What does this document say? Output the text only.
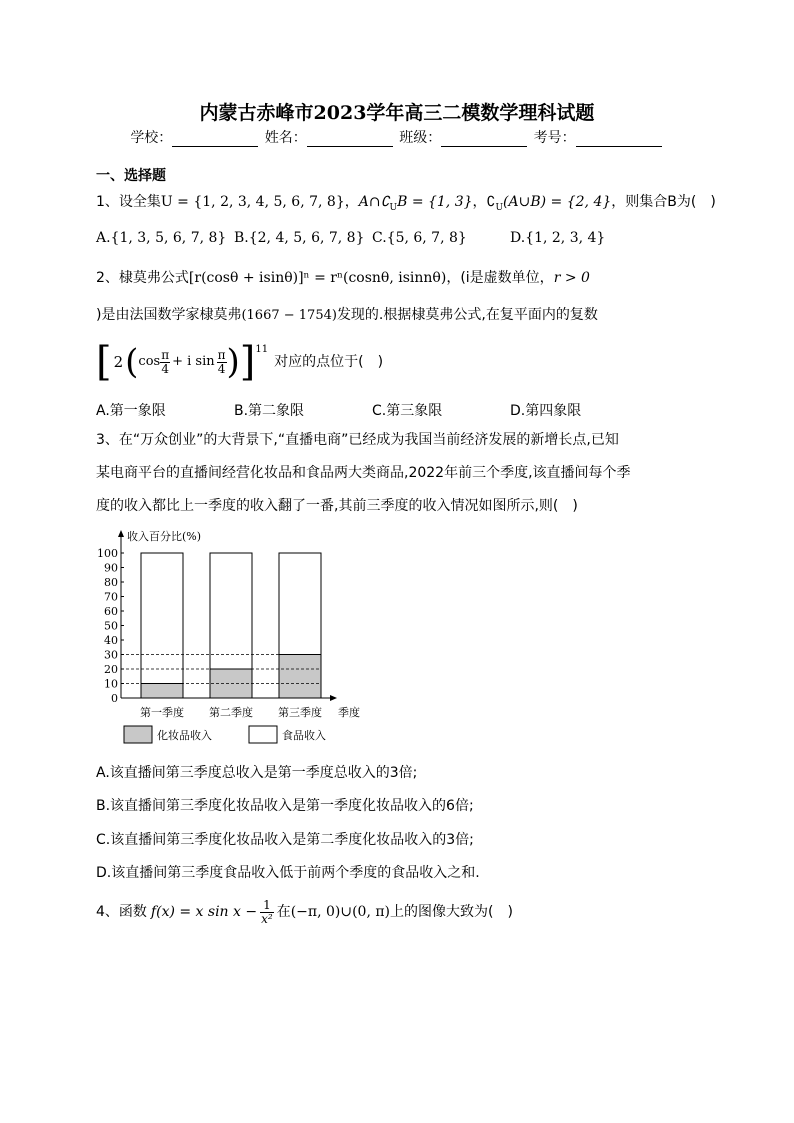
内蒙古赤峰市2023学年高三二模数学理科试题
学校：	姓名：	班级：	考号：
一、选择题
1、设全集U = {1, 2, 3, 4, 5, 6, 7, 8}，$A\cap∁_UB = \{1$, 3}，$∁_U(A\cup B) = \{2$, 4}，则集合B为(　)
A.{1, 3, 5, 6, 7, 8} B.{2, 4, 5, 6, 7, 8} C.{5, 6, 7, 8}	D.{1, 2, 3, 4}
2、棣莫弗公式[r(cosθ + isinθ)]ⁿ = rⁿ(cosnθ, isinnθ)，(i是虚数单位，r > 0
)是由法国数学家棣莫弗(1667 − 1754)发现的.根据棣莫弗公式,在复平面内的复数
[ 2 ( $\cos \frac{\pi}{4} + i$ $\sin \frac{\pi}{4}$ ) ] 11
对应的点位于(　)
A.第一象限	B.第二象限	C.第三象限	D.第四象限
3、在“万众创业”的大背景下,“直播电商”已经成为我国当前经济发展的新增长点,已知
某电商平台的直播间经营化妆品和食品两大类商品,2022年前三个季度,该直播间每个季
度的收入都比上一季度的收入翻了一番,其前三季度的收入情况如图所示,则(　)
收入百分比(%)
0
10
20
30
40
50
60
70
80
90
100
第一季度 第二季度 第三季度 季度
化妆品收入	食品收入
A.该直播间第三季度总收入是第一季度总收入的3倍;
B.该直播间第三季度化妆品收入是第一季度化妆品收入的6倍;
C.该直播间第三季度化妆品收入是第二季度化妆品收入的3倍;
D.该直播间第三季度食品收入低于前两个季度的食品收入之和.
4、函数 f(x) = x $\sin x - \frac{1}{\text{x²}}$ 在 (−π, 0)∪(0, π) 上的图像大致为(　)
